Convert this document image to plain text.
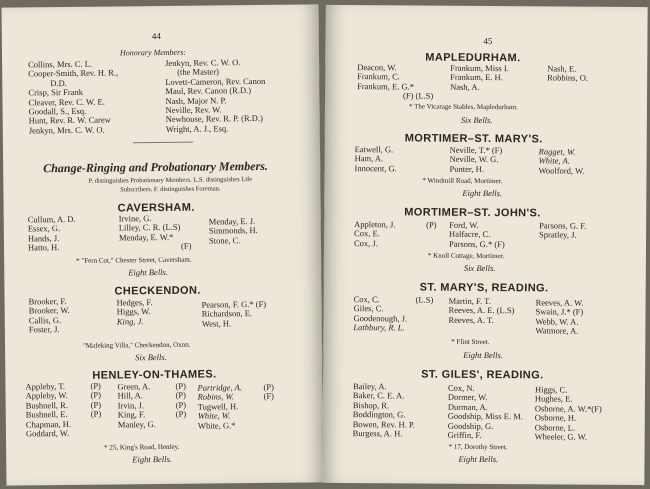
44
Honorary Members:
Collins, Mrs. C. L.
Cooper-Smith, Rev. H. R.,
D.D.
Crisp, Sir Frank
Cleaver, Rev. C. W. E.
Goodall, S., Esq.
Hunt, Rev. R. W. Carew
Jenkyn, Mrs. C. W. O.
Jenkyn, Rev. C. W. O.
(the Master)
Lovett-Cameron, Rev. Canon
Maul, Rev. Canon (R.D.)
Nash, Major N. P.
Neville, Rev. W.
Newhouse, Rev. R. P. (R.D.)
Wright, A. J., Esq.
Change-Ringing and Probationary Members.
P. distinguishes Probationary Members. L.S. distinguishes Life
Subscribers. F. distinguishes Foreman.
CAVERSHAM.
Cullum, A. D.
Essex, G.
Hands, J.
Hatto, H.
Irvine, G.
Lilley, C. R. (L.S)
Menday, E. W.*
(F)
Menday, E. J.
Simmonds, H.
Stone, C.
* "Fern Cot," Chester Street, Caversham.
Eight Bells.
CHECKENDON.
Brooker, F.
Brooker, W.
Callis, G.
Foster, J.
Hedges, F.
Higgs, W.
King, J.
Pearson, F. G.* (F)
Richardson, E.
West, H.
"Mafeking Villa," Checkendon, Oxon.
Six Bells.
HENLEY-ON-THAMES.
Appleby, T.
Appleby, W.
Bushnell, R.
Bushnell, E.
Chapman, H.
Goddard, W.
(P)
(P)
(P)
(P)
Green, A.
Hill, A.
Irvin, J.
King, F.
Manley, G.
(P)
(P)
(P)
(P)
Partridge, A.
Robins, W.
Tugwell, H.
White, W.
White, G.*
(P)
(F)
* 25, King's Road, Henley.
Eight Bells.
45
MAPLEDURHAM.
Deacon, W.
Frankum, C.
Frankum, E. G.*
(F) (L.S)
Frankum, Miss I.
Frankum, E. H.
Nash, A.
Nash, E.
Robbins, O.
* The Vicarage Stables, Mapledurham.
Six Bells.
MORTIMER–ST. MARY'S.
Eatwell, G.
Ham, A.
Innocent, G.
Neville, T.* (F)
Neville, W. G.
Punter, H.
Ragget, W.
White, A.
Woolford, W.
* Windmill Road, Mortimer.
Eight Bells.
MORTIMER–ST. JOHN'S.
Appleton, J.
Cox, E.
Cox, J.
(P) Ford, W.
Halfacre, C.
Parsons, G.* (F)
Parsons, G. F.
Spratley, J.
* Knoll Cottage, Mortimer.
Six Bells.
ST. MARY'S, READING.
Cox, C.
Giles, C.
Goodenough, J.
Lathbury, R. L.
(L.S) Martin, F. T.
Reeves, A. E. (L.S)
Reeves, A. T.
Reeves, A. W.
Swain, J.* (F)
Webb, W. A.
Watmore, A.
* Flint Street.
Eight Bells.
ST. GILES', READING.
Bailey, A.
Baker, C. E. A.
Bishop, R.
Boddington, G.
Bowen, Rev. H. P.
Burgess, A. H.
Cox, N.
Dormer, W.
Durman, A.
Goodship, Miss E. M.
Goodship, G.
Griffin, F.
Higgs, C.
Hughes, E.
Osborne, A. W.*(F)
Osborne, H.
Osborne, L.
Wheeler, G. W.
* 17, Dorothy Street.
Eight Bells.
